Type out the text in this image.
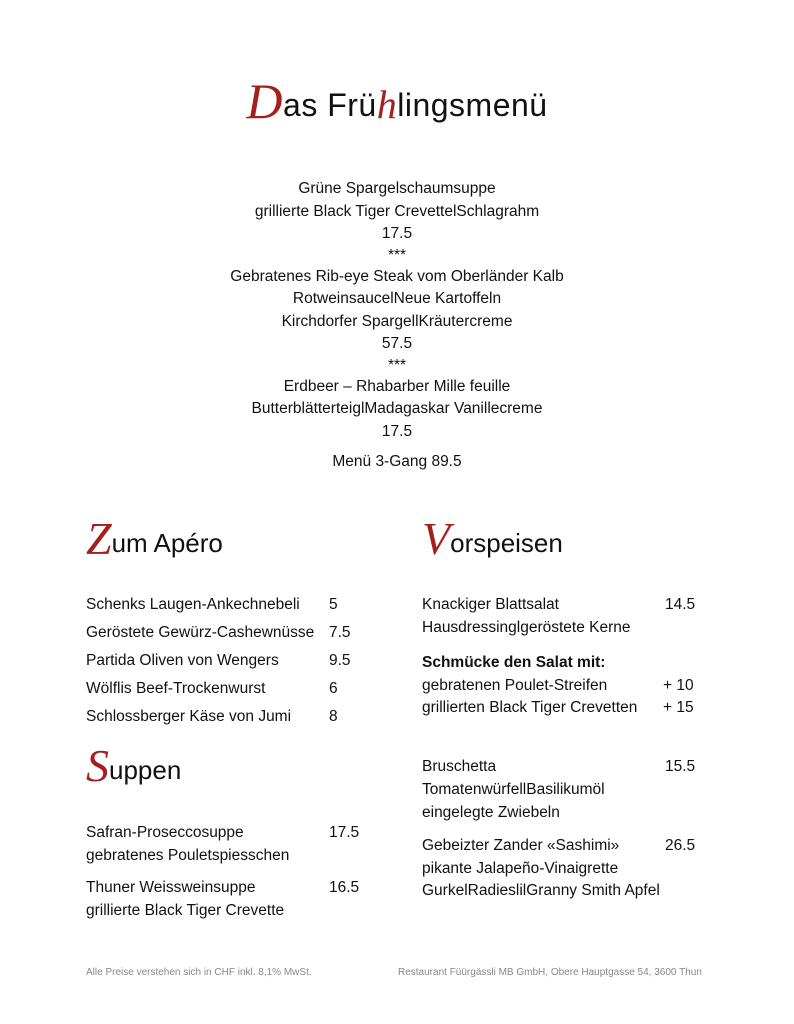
Das Frühlingsmenü
Grüne Spargelschaumsuppe
grillierte Black Tiger CrevettelSchlagrahm
17.5
***
Gebratenes Rib-eye Steak vom Oberländer Kalb
RotweinsaucelNeue Kartoffeln
Kirchdorfer SpargellKräutercreme
57.5
***
Erdbeer – Rhabarber Mille feuille
ButterblätterteiglMadagaskar Vanillecreme
17.5
Menü 3-Gang 89.5
Zum Apéro
Schenks Laugen-Ankechnebeli 5
Geröstete Gewürz-Cashewnüsse 7.5
Partida Oliven von Wengers	9.5
Wölflis Beef-Trockenwurst	6
Schlossberger Käse von Jumi 8
Suppen
Safran-Proseccosuppe	17.5
gebratenes Pouletspiesschen
Thuner Weissweinsuppe	16.5
grillierte Black Tiger Crevette
Vorspeisen
Knackiger Blattsalat	14.5
Hausdressinglgeröstete Kerne
Schmücke den Salat mit:
gebratenen Poulet-Streifen	+ 10
grillierten Black Tiger Crevetten + 15
Bruschetta	15.5
TomatenwürfellBasilikumöl
eingelegte Zwiebeln
Gebeizter Zander «Sashimi»	26.5
pikante Jalapeño-Vinaigrette
GurkelRadieslilGranny Smith Apfel
Alle Preise verstehen sich in CHF inkl. 8,1% MwSt.	Restaurant Füürgässli MB GmbH, Obere Hauptgasse 54, 3600 Thun
